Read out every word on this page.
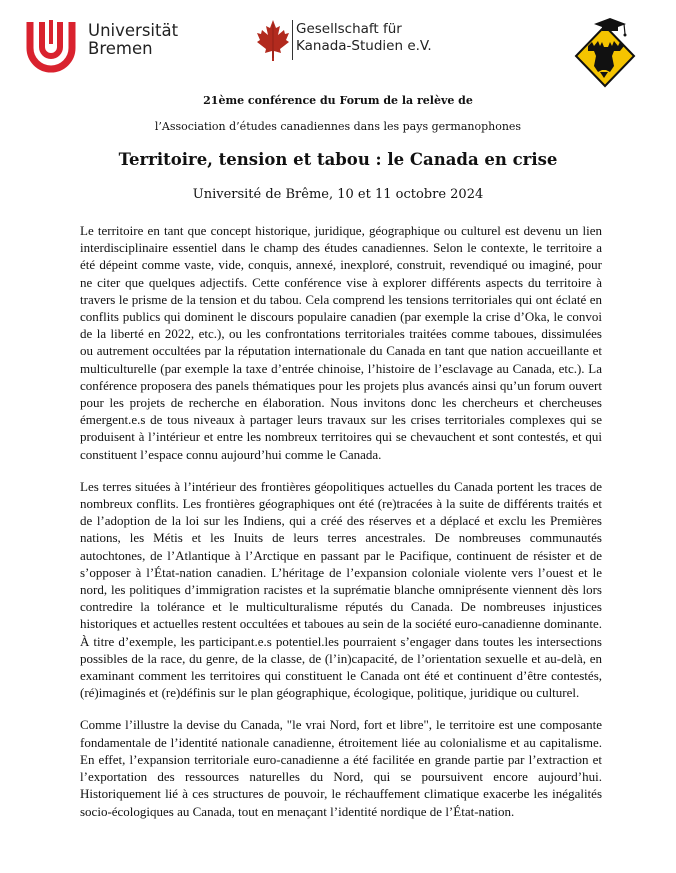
Universität
Bremen
Gesellschaft für
Kanada-Studien e.V.
21ème conférence du Forum de la relève de
l’Association d’études canadiennes dans les pays germanophones
Territoire, tension et tabou : le Canada en crise
Université de Brême, 10 et 11 octobre 2024

Le territoire en tant que concept historique, juridique, géographique ou culturel est devenu un lien interdisciplinaire essentiel dans le champ des études canadiennes. Selon le contexte, le territoire a été dépeint comme vaste, vide, conquis, annexé, inexploré, construit, revendiqué ou imaginé, pour ne citer que quelques adjectifs. Cette conférence vise à explorer différents aspects du territoire à travers le prisme de la tension et du tabou. Cela comprend les tensions territoriales qui ont éclaté en conflits publics qui dominent le discours populaire canadien (par exemple la crise d’Oka, le convoi de la liberté en 2022, etc.), ou les confrontations territoriales traitées comme taboues, dissimulées ou autrement occultées par la réputation internationale du Canada en tant que nation accueillante et multiculturelle (par exemple la taxe d’entrée chinoise, l’histoire de l’esclavage au Canada, etc.). La conférence proposera des panels thématiques pour les projets plus avancés ainsi qu’un forum ouvert pour les projets de recherche en élaboration. Nous invitons donc les chercheurs et chercheuses émergent.e.s de tous niveaux à partager leurs travaux sur les crises territoriales complexes qui se produisent à l’intérieur et entre les nombreux territoires qui se chevauchent et sont contestés, et qui constituent l’espace connu aujourd’hui comme le Canada.

Les terres situées à l’intérieur des frontières géopolitiques actuelles du Canada portent les traces de nombreux conflits. Les frontières géographiques ont été (re)tracées à la suite de différents traités et de l’adoption de la loi sur les Indiens, qui a créé des réserves et a déplacé et exclu les Premières nations, les Métis et les Inuits de leurs terres ancestrales. De nombreuses communautés autochtones, de l’Atlantique à l’Arctique en passant par le Pacifique, continuent de résister et de s’opposer à l’État-nation canadien. L’héritage de l’expansion coloniale violente vers l’ouest et le nord, les politiques d’immigration racistes et la suprématie blanche omniprésente viennent dès lors contredire la tolérance et le multiculturalisme réputés du Canada. De nombreuses injustices historiques et actuelles restent occultées et taboues au sein de la société euro-canadienne dominante. À titre d’exemple, les participant.e.s potentiel.les pourraient s’engager dans toutes les intersections possibles de la race, du genre, de la classe, de (l’in)capacité, de l’orientation sexuelle et au-delà, en examinant comment les territoires qui constituent le Canada ont été et continuent d’être contestés, (ré)imaginés et (re)définis sur le plan géographique, écologique, politique, juridique ou culturel.

Comme l’illustre la devise du Canada, "le vrai Nord, fort et libre", le territoire est une composante fondamentale de l’identité nationale canadienne, étroitement liée au colonialisme et au capitalisme. En effet, l’expansion territoriale euro-canadienne a été facilitée en grande partie par l’extraction et l’exportation des ressources naturelles du Nord, qui se poursuivent encore aujourd’hui. Historiquement lié à ces structures de pouvoir, le réchauffement climatique exacerbe les inégalités socio-écologiques au Canada, tout en menaçant l’identité nordique de l’État-nation.
